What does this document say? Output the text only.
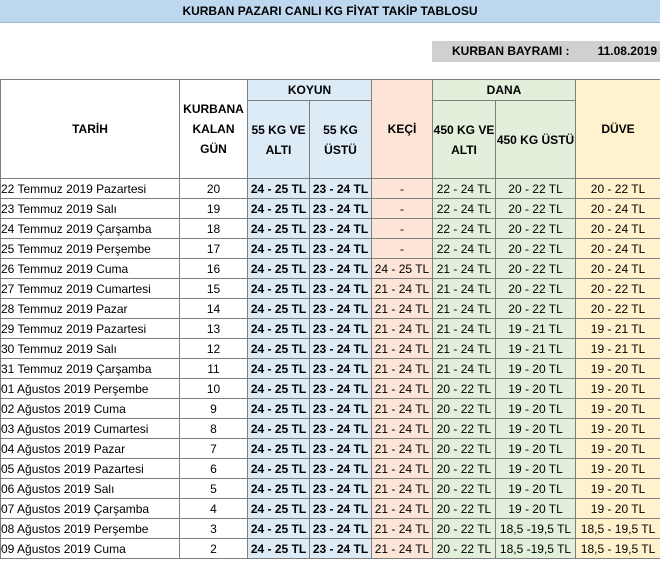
KURBAN PAZARI CANLI KG FİYAT TAKİP TABLOSU
KURBAN BAYRAMI : 11.08.2019
TARİH	KURBANA KALAN GÜN	KOYUN		KEÇİ	DANA		DÜVE
		55 KG VE ALTI	55 KG ÜSTÜ		450 KG VE ALTI	450 KG ÜSTÜ	
22 Temmuz 2019 Pazartesi	20	24 - 25 TL	23 - 24 TL	-	22 - 24 TL	20 - 22 TL	20 - 22 TL
23 Temmuz 2019 Salı	19	24 - 25 TL	23 - 24 TL	-	22 - 24 TL	20 - 22 TL	20 - 24 TL
24 Temmuz 2019 Çarşamba	18	24 - 25 TL	23 - 24 TL	-	22 - 24 TL	20 - 22 TL	20 - 24 TL
25 Temmuz 2019 Perşembe	17	24 - 25 TL	23 - 24 TL	-	22 - 24 TL	20 - 22 TL	20 - 24 TL
26 Temmuz 2019 Cuma	16	24 - 25 TL	23 - 24 TL	24 - 25 TL	21 - 24 TL	20 - 22 TL	20 - 24 TL
27 Temmuz 2019 Cumartesi	15	24 - 25 TL	23 - 24 TL	21 - 24 TL	21 - 24 TL	20 - 22 TL	20 - 22 TL
28 Temmuz 2019 Pazar	14	24 - 25 TL	23 - 24 TL	21 - 24 TL	21 - 24 TL	20 - 22 TL	20 - 22 TL
29 Temmuz 2019 Pazartesi	13	24 - 25 TL	23 - 24 TL	21 - 24 TL	21 - 24 TL	19 - 21 TL	19 - 21 TL
30 Temmuz 2019 Salı	12	24 - 25 TL	23 - 24 TL	21 - 24 TL	21 - 24 TL	19 - 21 TL	19 - 21 TL
31 Temmuz 2019 Çarşamba	11	24 - 25 TL	23 - 24 TL	21 - 24 TL	21 - 24 TL	19 - 20 TL	19 - 20 TL
01 Ağustos 2019 Perşembe	10	24 - 25 TL	23 - 24 TL	21 - 24 TL	20 - 22 TL	19 - 20 TL	19 - 20 TL
02 Ağustos 2019 Cuma	9	24 - 25 TL	23 - 24 TL	21 - 24 TL	20 - 22 TL	19 - 20 TL	19 - 20 TL
03 Ağustos 2019 Cumartesi	8	24 - 25 TL	23 - 24 TL	21 - 24 TL	20 - 22 TL	19 - 20 TL	19 - 20 TL
04 Ağustos 2019 Pazar	7	24 - 25 TL	23 - 24 TL	21 - 24 TL	20 - 22 TL	19 - 20 TL	19 - 20 TL
05 Ağustos 2019 Pazartesi	6	24 - 25 TL	23 - 24 TL	21 - 24 TL	20 - 22 TL	19 - 20 TL	19 - 20 TL
06 Ağustos 2019 Salı	5	24 - 25 TL	23 - 24 TL	21 - 24 TL	20 - 22 TL	19 - 20 TL	19 - 20 TL
07 Ağustos 2019 Çarşamba	4	24 - 25 TL	23 - 24 TL	21 - 24 TL	20 - 22 TL	19 - 20 TL	19 - 20 TL
08 Ağustos 2019 Perşembe	3	24 - 25 TL	23 - 24 TL	21 - 24 TL	20 - 22 TL	18,5 -19,5 TL	18,5 - 19,5 TL
09 Ağustos 2019 Cuma	2	24 - 25 TL	23 - 24 TL	21 - 24 TL	20 - 22 TL	18,5 -19,5 TL	18,5 - 19,5 TL
